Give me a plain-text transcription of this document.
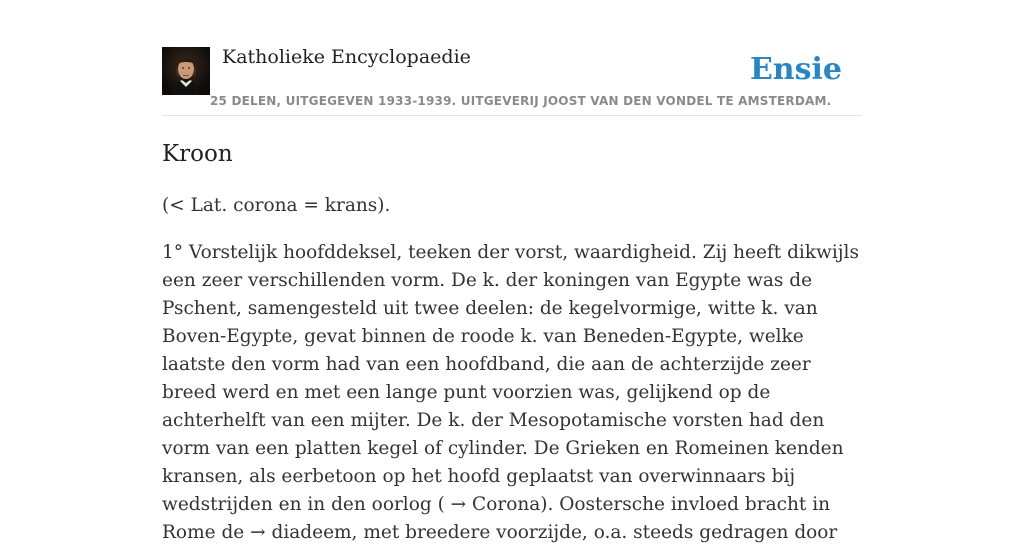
Katholieke Encyclopaedie
25 DELEN, UITGEGEVEN 1933-1939. UITGEVERIJ JOOST VAN DEN VONDEL TE AMSTERDAM.
Ensie
Kroon

(< Lat. corona = krans).

1° Vorstelijk hoofddeksel, teeken der vorst, waardigheid. Zij heeft dikwijls een zeer verschillenden vorm. De k. der koningen van Egypte was de Pschent, samengesteld uit twee deelen: de kegelvormige, witte k. van Boven-Egypte, gevat binnen de roode k. van Beneden-Egypte, welke laatste den vorm had van een hoofdband, die aan de achterzijde zeer breed werd en met een lange punt voorzien was, gelijkend op de achterhelft van een mijter. De k. der Mesopotamische vorsten had den vorm van een platten kegel of cylinder. De Grieken en Romeinen kenden kransen, als eerbetoon op het hoofd geplaatst van overwinnaars bij wedstrijden en in den oorlog ( → Corona). Oostersche invloed bracht in Rome de → diadeem, met breedere voorzijde, o.a. steeds gedragen door
